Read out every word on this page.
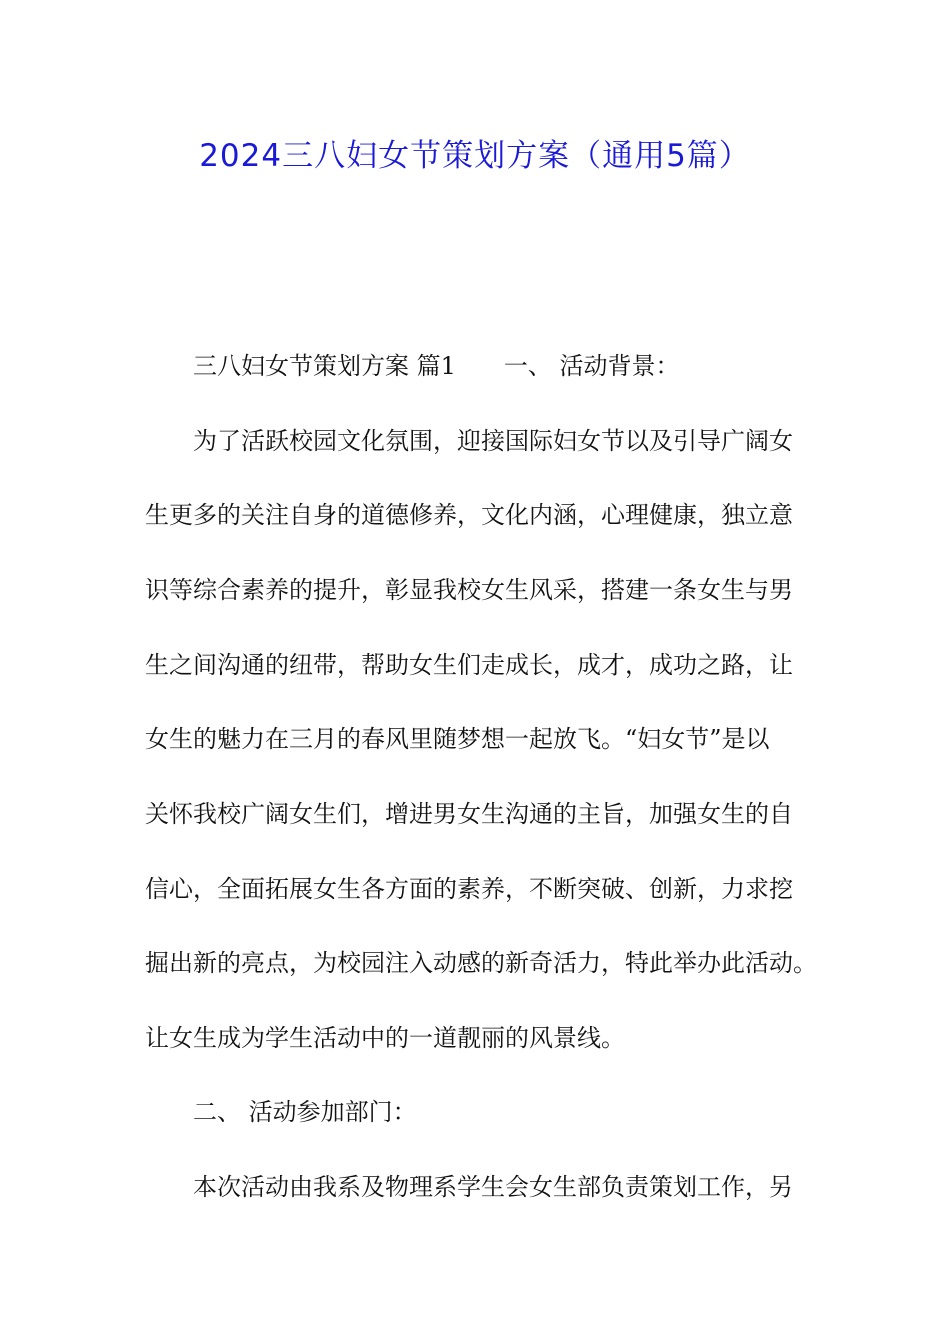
2024三八妇女节策划方案（通用5篇）

三八妇女节策划方案 篇1 一、 活动背景：

为了活跃校园文化氛围，迎接国际妇女节以及引导广阔女

生更多的关注自身的道德修养，文化内涵，心理健康，独立意

识等综合素养的提升，彰显我校女生风采，搭建一条女生与男

生之间沟通的纽带，帮助女生们走成长，成才，成功之路，让

女生的魅力在三月的春风里随梦想一起放飞。“妇女节”是以

关怀我校广阔女生们，增进男女生沟通的主旨，加强女生的自

信心，全面拓展女生各方面的素养，不断突破、创新，力求挖

掘出新的亮点，为校园注入动感的新奇活力，特此举办此活动。

让女生成为学生活动中的一道靓丽的风景线。

二、 活动参加部门：

本次活动由我系及物理系学生会女生部负责策划工作，另
